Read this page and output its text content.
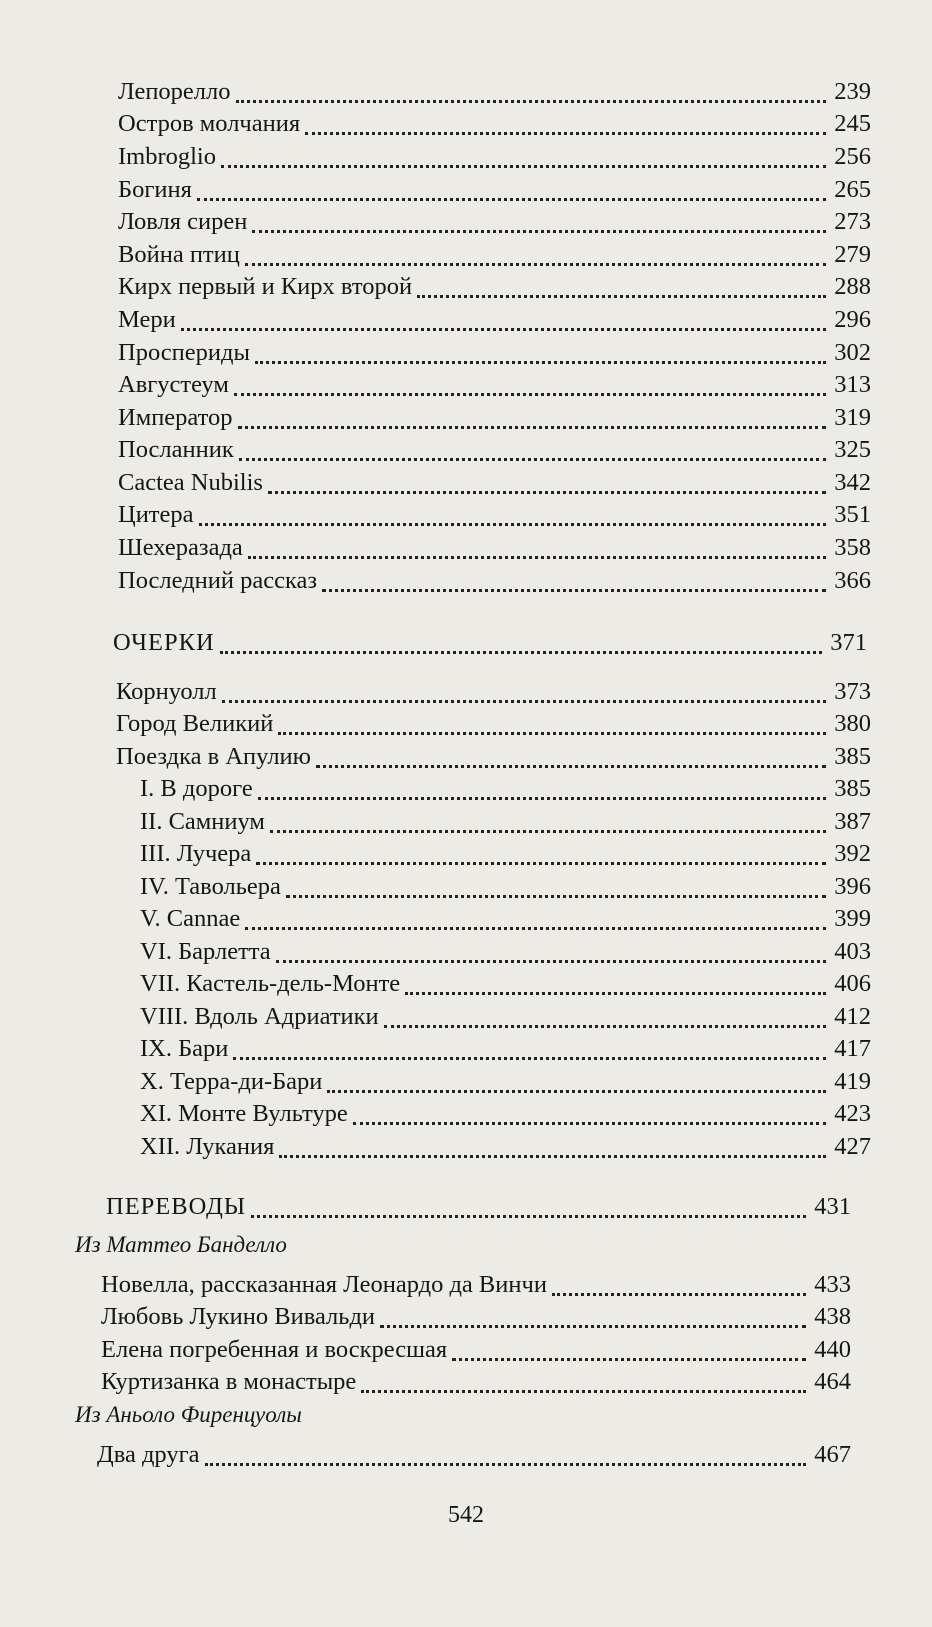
Лепорелло	239
Остров молчания	245
Imbroglio	256
Богиня	265
Ловля сирен	273
Война птиц	279
Кирх первый и Кирх второй	288
Мери	296
Проспериды	302
Августеум	313
Император	319
Посланник	325
Cactea Nubilis	342
Цитера	351
Шехеразада	358
Последний рассказ	366
ОЧЕРКИ	371
Корнуолл	373
Город Великий	380
Поездка в Апулию	385
I. В дороге	385
II. Самниум	387
III. Лучера	392
IV. Тавольера	396
V. Cannae	399
VI. Барлетта	403
VII. Кастель-дель-Монте	406
VIII. Вдоль Адриатики	412
IX. Бари	417
X. Терра-ди-Бари	419
XI. Монте Вультуре	423
XII. Лукания	427
ПЕРЕВОДЫ	431
Из Маттео Банделло
Новелла, рассказанная Леонардо да Винчи	433
Любовь Лукино Вивальди	438
Елена погребенная и воскресшая	440
Куртизанка в монастыре	464
Из Аньоло Фиренцуолы
Два друга	467
542
